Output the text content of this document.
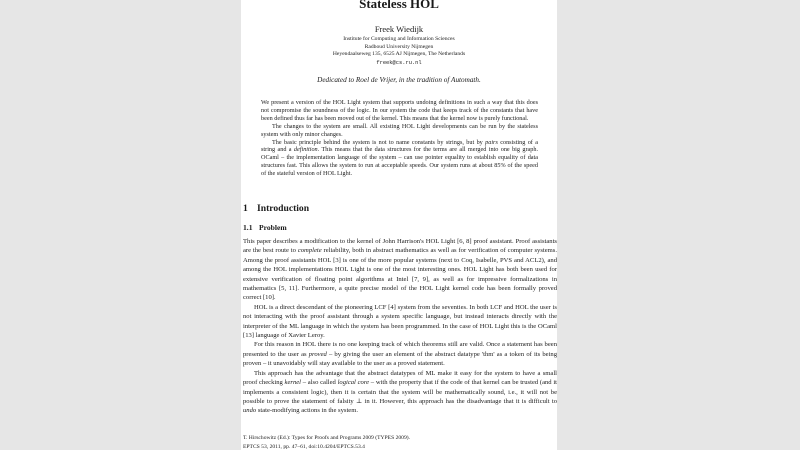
Stateless HOL
Freek Wiedijk
Institute for Computing and Information Sciences
Radboud University Nijmegen
Heyendaalseweg 135, 6525 AJ Nijmegen, The Netherlands
freek@cs.ru.nl
Dedicated to Roel de Vrijer, in the tradition of Automath.

We present a version of the HOL Light system that supports undoing definitions in such a way that this does not compromise the soundness of the logic. In our system the code that keeps track of the constants that have been defined thus far has been moved out of the kernel. This means that the kernel now is purely functional.

The changes to the system are small. All existing HOL Light developments can be run by the stateless system with only minor changes.

The basic principle behind the system is not to name constants by strings, but by pairs consisting of a string and a definition. This means that the data structures for the terms are all merged into one big graph. OCaml – the implementation language of the system – can use pointer equality to establish equality of data structures fast. This allows the system to run at acceptable speeds. Our system runs at about 85% of the speed of the stateful version of HOL Light.

1 Introduction
1.1 Problem

This paper describes a modification to the kernel of John Harrison's HOL Light [6, 8] proof assistant. Proof assistants are the best route to complete reliability, both in abstract mathematics as well as for verification of computer systems. Among the proof assistants HOL [3] is one of the more popular systems (next to Coq, Isabelle, PVS and ACL2), and among the HOL implementations HOL Light is one of the most interesting ones. HOL Light has both been used for extensive verification of floating point algorithms at Intel [7, 9], as well as for impressive formalizations in mathematics [5, 11]. Furthermore, a quite precise model of the HOL Light kernel code has been formally proved correct [10].

HOL is a direct descendant of the pioneering LCF [4] system from the seventies. In both LCF and HOL the user is not interacting with the proof assistant through a system specific language, but instead interacts directly with the interpreter of the ML language in which the system has been programmed. In the case of HOL Light this is the OCaml [13] language of Xavier Leroy.

For this reason in HOL there is no one keeping track of which theorems still are valid. Once a statement has been presented to the user as proved – by giving the user an element of the abstract datatype 'thm' as a token of its being proven – it unavoidably will stay available to the user as a proved statement.

This approach has the advantage that the abstract datatypes of ML make it easy for the system to have a small proof checking kernel – also called logical core – with the property that if the code of that kernel can be trusted (and it implements a consistent logic), then it is certain that the system will be mathematically sound, i.e., it will not be possible to prove the statement of falsity ⊥ in it. However, this approach has the disadvantage that it is difficult to undo state-modifying actions in the system.

T. Hirschowitz (Ed.): Types for Proofs and Programs 2009 (TYPES 2009).
EPTCS 53, 2011, pp. 47–61, doi:10.4204/EPTCS.53.4
